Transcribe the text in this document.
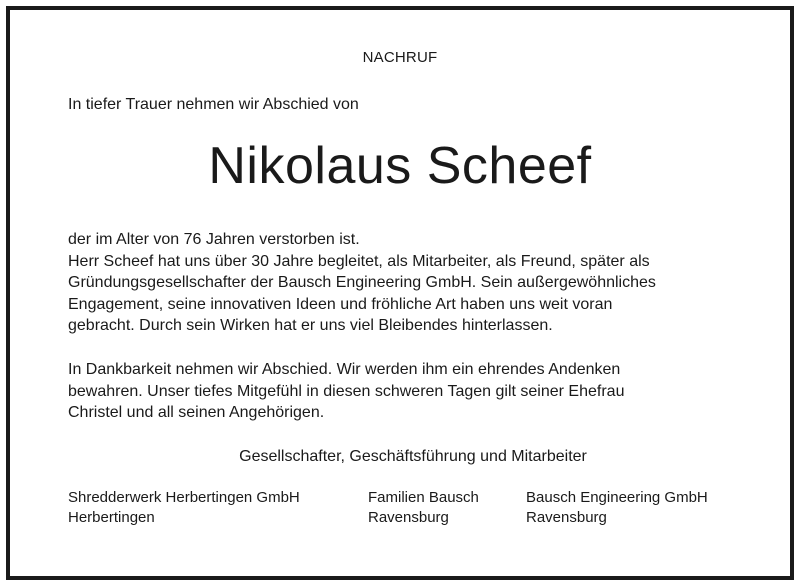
NACHRUF
In tiefer Trauer nehmen wir Abschied von
Nikolaus Scheef

der im Alter von 76 Jahren verstorben ist.
Herr Scheef hat uns über 30 Jahre begleitet, als Mitarbeiter, als Freund, später als
Gründungsgesellschafter der Bausch Engineering GmbH. Sein außergewöhnliches
Engagement, seine innovativen Ideen und fröhliche Art haben uns weit voran
gebracht. Durch sein Wirken hat er uns viel Bleibendes hinterlassen.

In Dankbarkeit nehmen wir Abschied. Wir werden ihm ein ehrendes Andenken
bewahren. Unser tiefes Mitgefühl in diesen schweren Tagen gilt seiner Ehefrau
Christel und all seinen Angehörigen.

Gesellschafter, Geschäftsführung und Mitarbeiter
Shredderwerk Herbertingen GmbH
Herbertingen
Familien Bausch
Ravensburg
Bausch Engineering GmbH
Ravensburg
